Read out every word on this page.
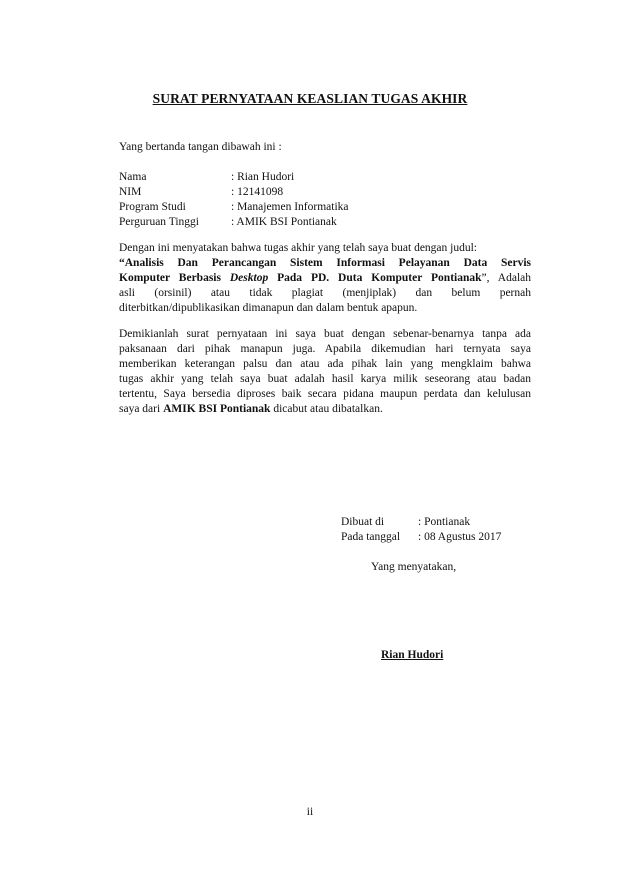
SURAT PERNYATAAN KEASLIAN TUGAS AKHIR
Yang bertanda tangan dibawah ini :
Nama	: Rian Hudori
NIM	: 12141098
Program Studi	: Manajemen Informatika
Perguruan Tinggi	: AMIK BSI Pontianak
Dengan ini menyatakan bahwa tugas akhir yang telah saya buat dengan judul:
“Analisis Dan Perancangan Sistem Informasi Pelayanan Data Servis
Komputer Berbasis Desktop Pada PD. Duta Komputer Pontianak”, Adalah
asli (orsinil) atau tidak plagiat (menjiplak) dan belum pernah
diterbitkan/dipublikasikan dimanapun dan dalam bentuk apapun.
Demikianlah surat pernyataan ini saya buat dengan sebenar-benarnya tanpa ada
paksanaan dari pihak manapun juga. Apabila dikemudian hari ternyata saya
memberikan keterangan palsu dan atau ada pihak lain yang mengklaim bahwa
tugas akhir yang telah saya buat adalah hasil karya milik seseorang atau badan
tertentu, Saya bersedia diproses baik secara pidana maupun perdata dan kelulusan
saya dari AMIK BSI Pontianak dicabut atau dibatalkan.
Dibuat di	: Pontianak
Pada tanggal : 08 Agustus 2017
Yang menyatakan,
Rian Hudori
ii
